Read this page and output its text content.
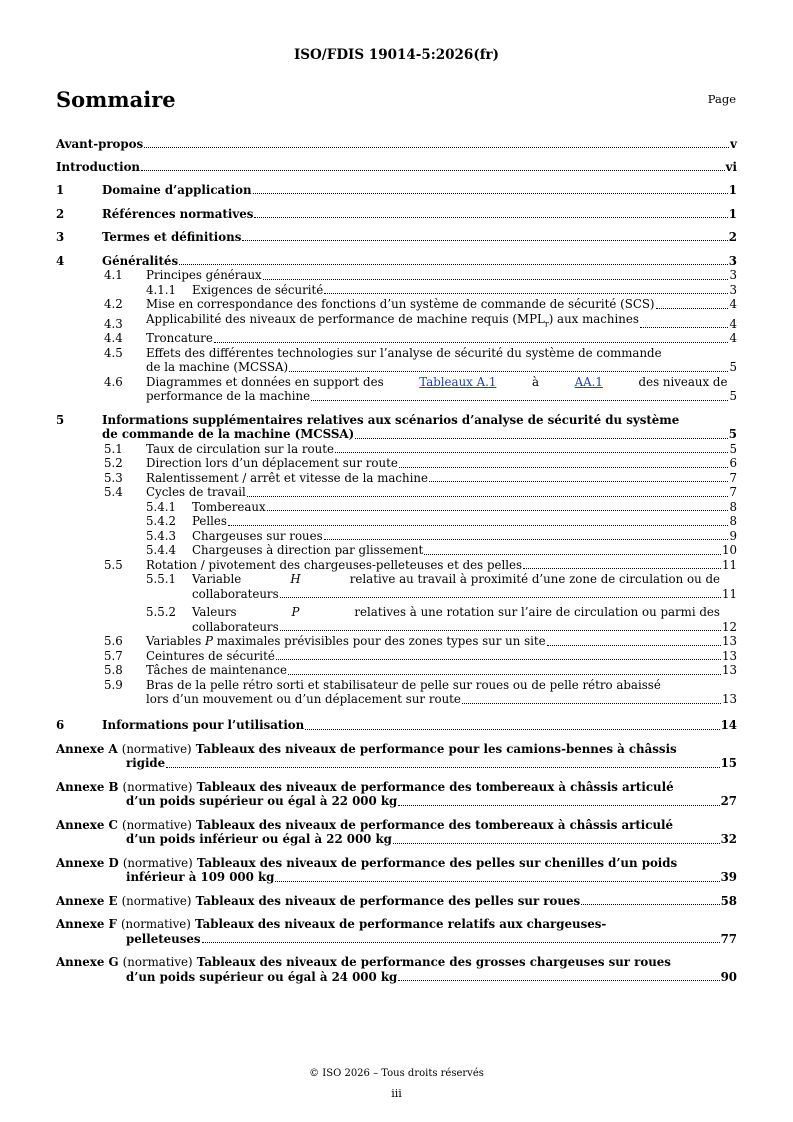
ISO/FDIS 19014-5:2026(fr)
Sommaire	Page
Avant-propos	v
Introduction	vi
1	Domaine d’application	1
2	Références normatives	1
3	Termes et définitions	2
4	Généralités	3
4.1	Principes généraux	3
4.1.1	Exigences de sécurité	3
4.2	Mise en correspondance des fonctions d’un système de commande de sécurité (SCS)	4
4.3	Applicabilité des niveaux de performance de machine requis $(MPL_r)$ aux machines	4
4.4	Troncature	4
4.5	Effets des différentes technologies sur l’analyse de sécurité du système de commande
de la machine (MCSSA)	5
4.6	Diagrammes et données en support des	Tableaux A.1	à	AA.1	des niveaux de
performance de la machine	5
5	Informations supplémentaires relatives aux scénarios d’analyse de sécurité du système
de commande de la machine (MCSSA)	5
5.1	Taux de circulation sur la route	5
5.2	Direction lors d’un déplacement sur route	6
5.3	Ralentissement / arrêt et vitesse de la machine	7
5.4	Cycles de travail	7
5.4.1	Tombereaux	8
5.4.2	Pelles	8
5.4.3	Chargeuses sur roues	9
5.4.4	Chargeuses à direction par glissement	10
5.5	Rotation / pivotement des chargeuses-pelleteuses et des pelles	11
5.5.1	Variable	H	relative au travail à proximité d’une zone de circulation ou de
collaborateurs	11
5.5.2	Valeurs	P	relatives à une rotation sur l’aire de circulation ou parmi des
collaborateurs	12
5.6	Variables P maximales prévisibles pour des zones types sur un site	13
5.7	Ceintures de sécurité	13
5.8	Tâches de maintenance	13
5.9	Bras de la pelle rétro sorti et stabilisateur de pelle sur roues ou de pelle rétro abaissé
lors d’un mouvement ou d’un déplacement sur route	13
6	Informations pour l’utilisation	14
Annexe A (normative) Tableaux des niveaux de performance pour les camions-bennes à châssis
rigide	15
Annexe B (normative) Tableaux des niveaux de performance des tombereaux à châssis articulé
d’un poids supérieur ou égal à 22 000 kg	27
Annexe C (normative) Tableaux des niveaux de performance des tombereaux à châssis articulé
d’un poids inférieur ou égal à 22 000 kg	32
Annexe D (normative) Tableaux des niveaux de performance des pelles sur chenilles d’un poids
inférieur à 109 000 kg	39
Annexe E (normative) Tableaux des niveaux de performance des pelles sur roues	58
Annexe F (normative) Tableaux des niveaux de performance relatifs aux chargeuses-
pelleteuses	77
Annexe G (normative) Tableaux des niveaux de performance des grosses chargeuses sur roues
d’un poids supérieur ou égal à 24 000 kg	90
© ISO 2026 – Tous droits réservés
iii
